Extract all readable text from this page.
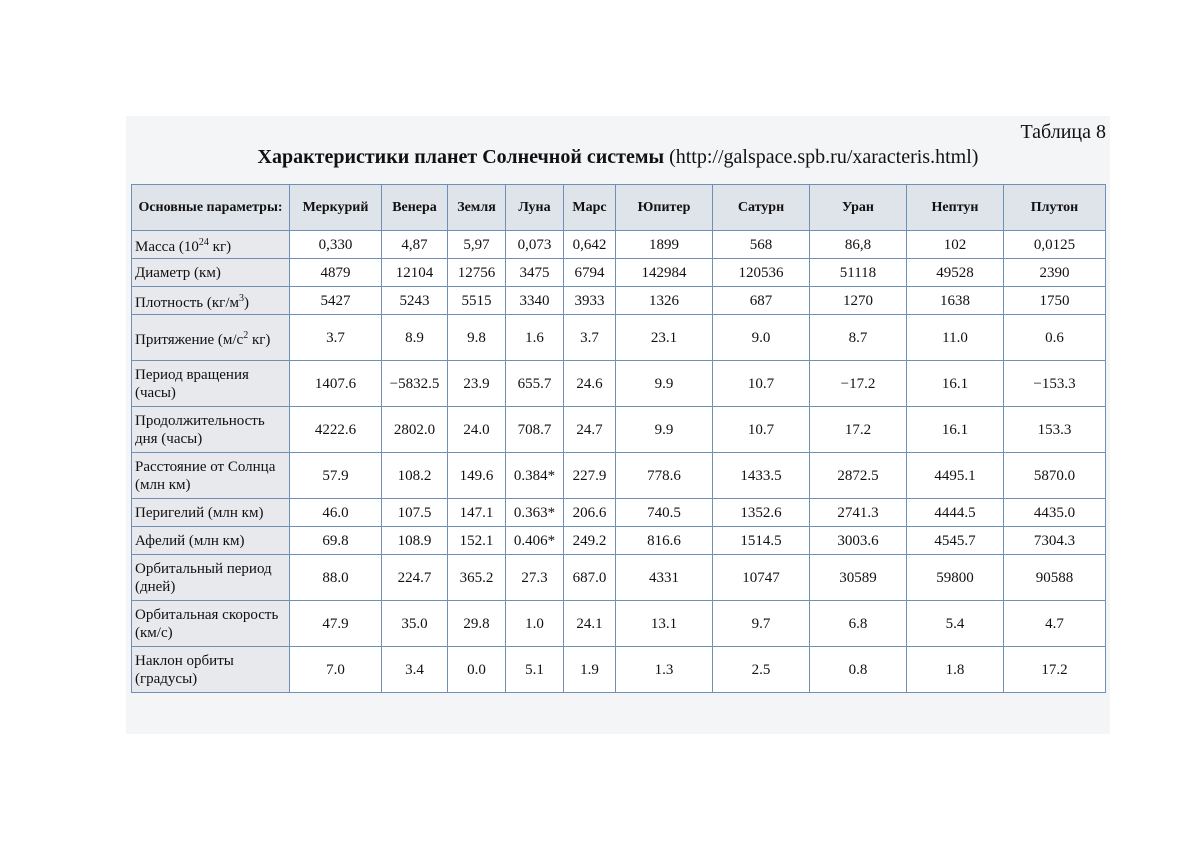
Таблица 8
Характеристики планет Солнечной системы (http://galspace.spb.ru/xaracteris.html)
Основные параметры:	Меркурий	Венера	Земля	Луна	Марс	Юпитер	Сатурн	Уран	Нептун	Плутон
Масса ($10^{24}$ кг)	0,330	4,87	5,97	0,073	0,642	1899	568	86,8	102	0,0125
Диаметр (км)	4879	12104	12756	3475	6794	142984	120536	51118	49528	2390
Плотность $(кг/м^3)$	5427	5243	5515	3340	3933	1326	687	1270	1638	1750
Притяжение ($м/с^2$ кг)	3.7	8.9	9.8	1.6	3.7	23.1	9.0	8.7	11.0	0.6
Период вращения (часы)	1407.6	−5832.5	23.9	655.7	24.6	9.9	10.7	−17.2	16.1	−153.3
Продолжительность дня (часы)	4222.6	2802.0	24.0	708.7	24.7	9.9	10.7	17.2	16.1	153.3
Расстояние от Солнца (млн км)	57.9	108.2	149.6	0.384*	227.9	778.6	1433.5	2872.5	4495.1	5870.0
Перигелий (млн км)	46.0	107.5	147.1	0.363*	206.6	740.5	1352.6	2741.3	4444.5	4435.0
Афелий (млн км)	69.8	108.9	152.1	0.406*	249.2	816.6	1514.5	3003.6	4545.7	7304.3
Орбитальный период (дней)	88.0	224.7	365.2	27.3	687.0	4331	10747	30589	59800	90588
Орбитальная скорость (км/с)	47.9	35.0	29.8	1.0	24.1	13.1	9.7	6.8	5.4	4.7
Наклон орбиты (градусы)	7.0	3.4	0.0	5.1	1.9	1.3	2.5	0.8	1.8	17.2
